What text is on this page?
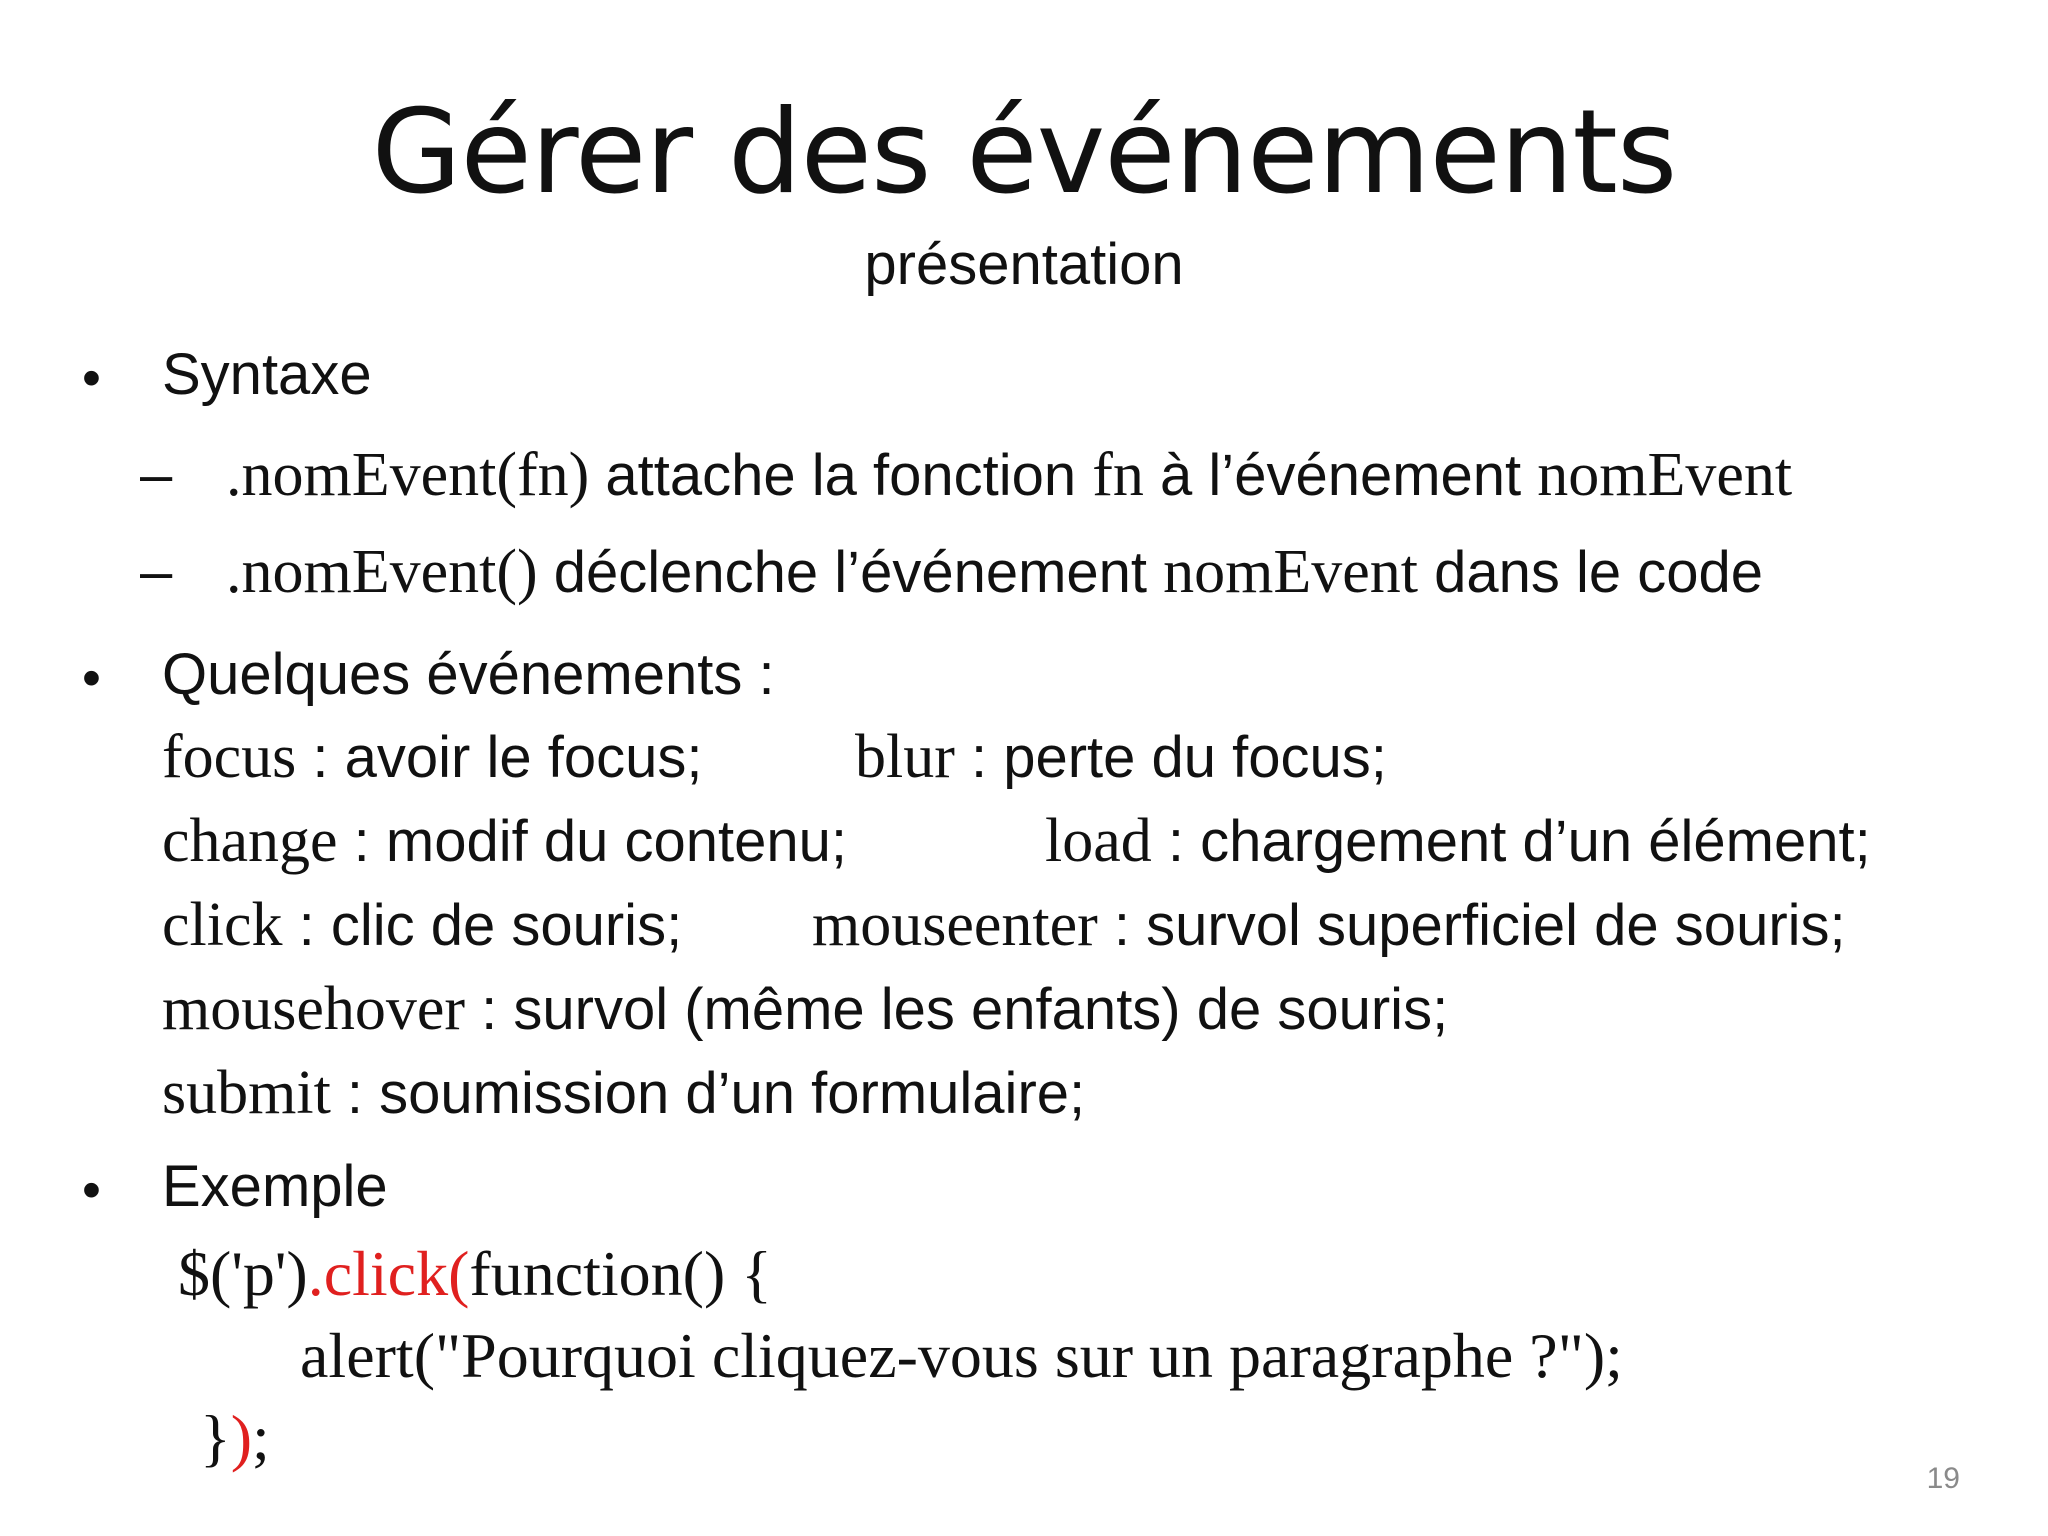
Gérer des événements
présentation
• Syntaxe
– .nomEvent(fn) attache la fonction fn à l’événement nomEvent
– .nomEvent() déclenche l’événement nomEvent dans le code
• Quelques événements :
focus : avoir le focus; blur : perte du focus;
change : modif du contenu;	load : chargement d’un élément;
click : clic de souris; mouseenter : survol superficiel de souris;
mousehover : survol (même les enfants) de souris;
submit : soumission d’un formulaire;
• Exemple
$('p').click(function() {
alert("Pourquoi cliquez-vous sur un paragraphe ?");
});
19
